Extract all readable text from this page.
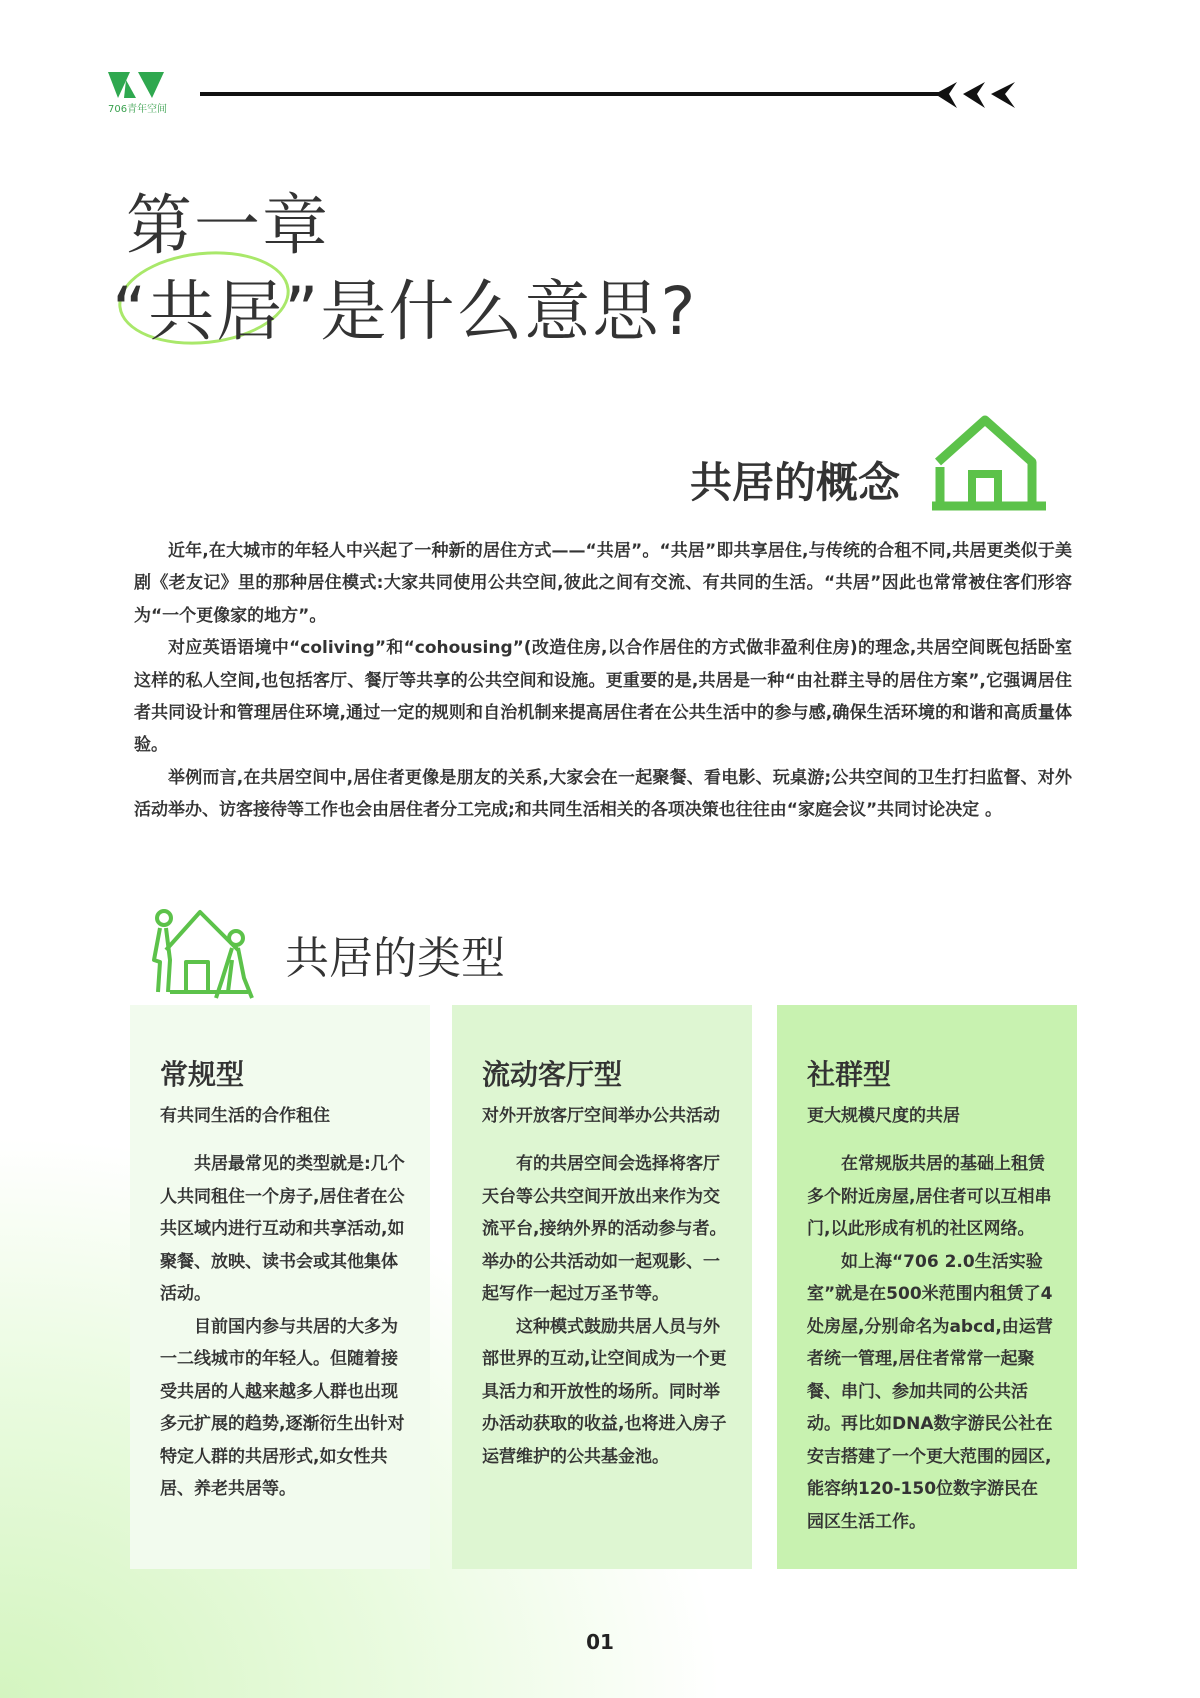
706青年空间
第一章
“共居”是什么意思?
共居的概念

近年,在大城市的年轻人中兴起了一种新的居住方式——“共居”。“共居”即共享居住,与传统的合租不同,共居更类似于美剧《老友记》里的那种居住模式:大家共同使用公共空间,彼此之间有交流、有共同的生活。“共居”因此也常常被住客们形容为“一个更像家的地方”。

对应英语语境中“coliving”和“cohousing”(改造住房,以合作居住的方式做非盈利住房)的理念,共居空间既包括卧室这样的私人空间,也包括客厅、餐厅等共享的公共空间和设施。更重要的是,共居是一种“由社群主导的居住方案”,它强调居住者共同设计和管理居住环境,通过一定的规则和自治机制来提高居住者在公共生活中的参与感,确保生活环境的和谐和高质量体验。

举例而言,在共居空间中,居住者更像是朋友的关系,大家会在一起聚餐、看电影、玩桌游;公共空间的卫生打扫监督、对外活动举办、访客接待等工作也会由居住者分工完成;和共同生活相关的各项决策也往往由“家庭会议”共同讨论决定 。

共居的类型
常规型
有共同生活的合作租住

共居最常见的类型就是:几个人共同租住一个房子,居住者在公共区域内进行互动和共享活动,如聚餐、放映、读书会或其他集体活动。

目前国内参与共居的大多为一二线城市的年轻人。但随着接受共居的人越来越多人群也出现多元扩展的趋势,逐渐衍生出针对特定人群的共居形式,如女性共居、养老共居等。

流动客厅型
对外开放客厅空间举办公共活动

有的共居空间会选择将客厅天台等公共空间开放出来作为交流平台,接纳外界的活动参与者。举办的公共活动如一起观影、一起写作一起过万圣节等。

这种模式鼓励共居人员与外部世界的互动,让空间成为一个更具活力和开放性的场所。同时举办活动获取的收益,也将进入房子运营维护的公共基金池。

社群型
更大规模尺度的共居

在常规版共居的基础上租赁多个附近房屋,居住者可以互相串门,以此形成有机的社区网络。

如上海“706 2.0生活实验室”就是在500米范围内租赁了4处房屋,分别命名为abcd,由运营者统一管理,居住者常常一起聚餐、串门、参加共同的公共活动。再比如DNA数字游民公社在安吉搭建了一个更大范围的园区,能容纳120-150位数字游民在园区生活工作。

01
